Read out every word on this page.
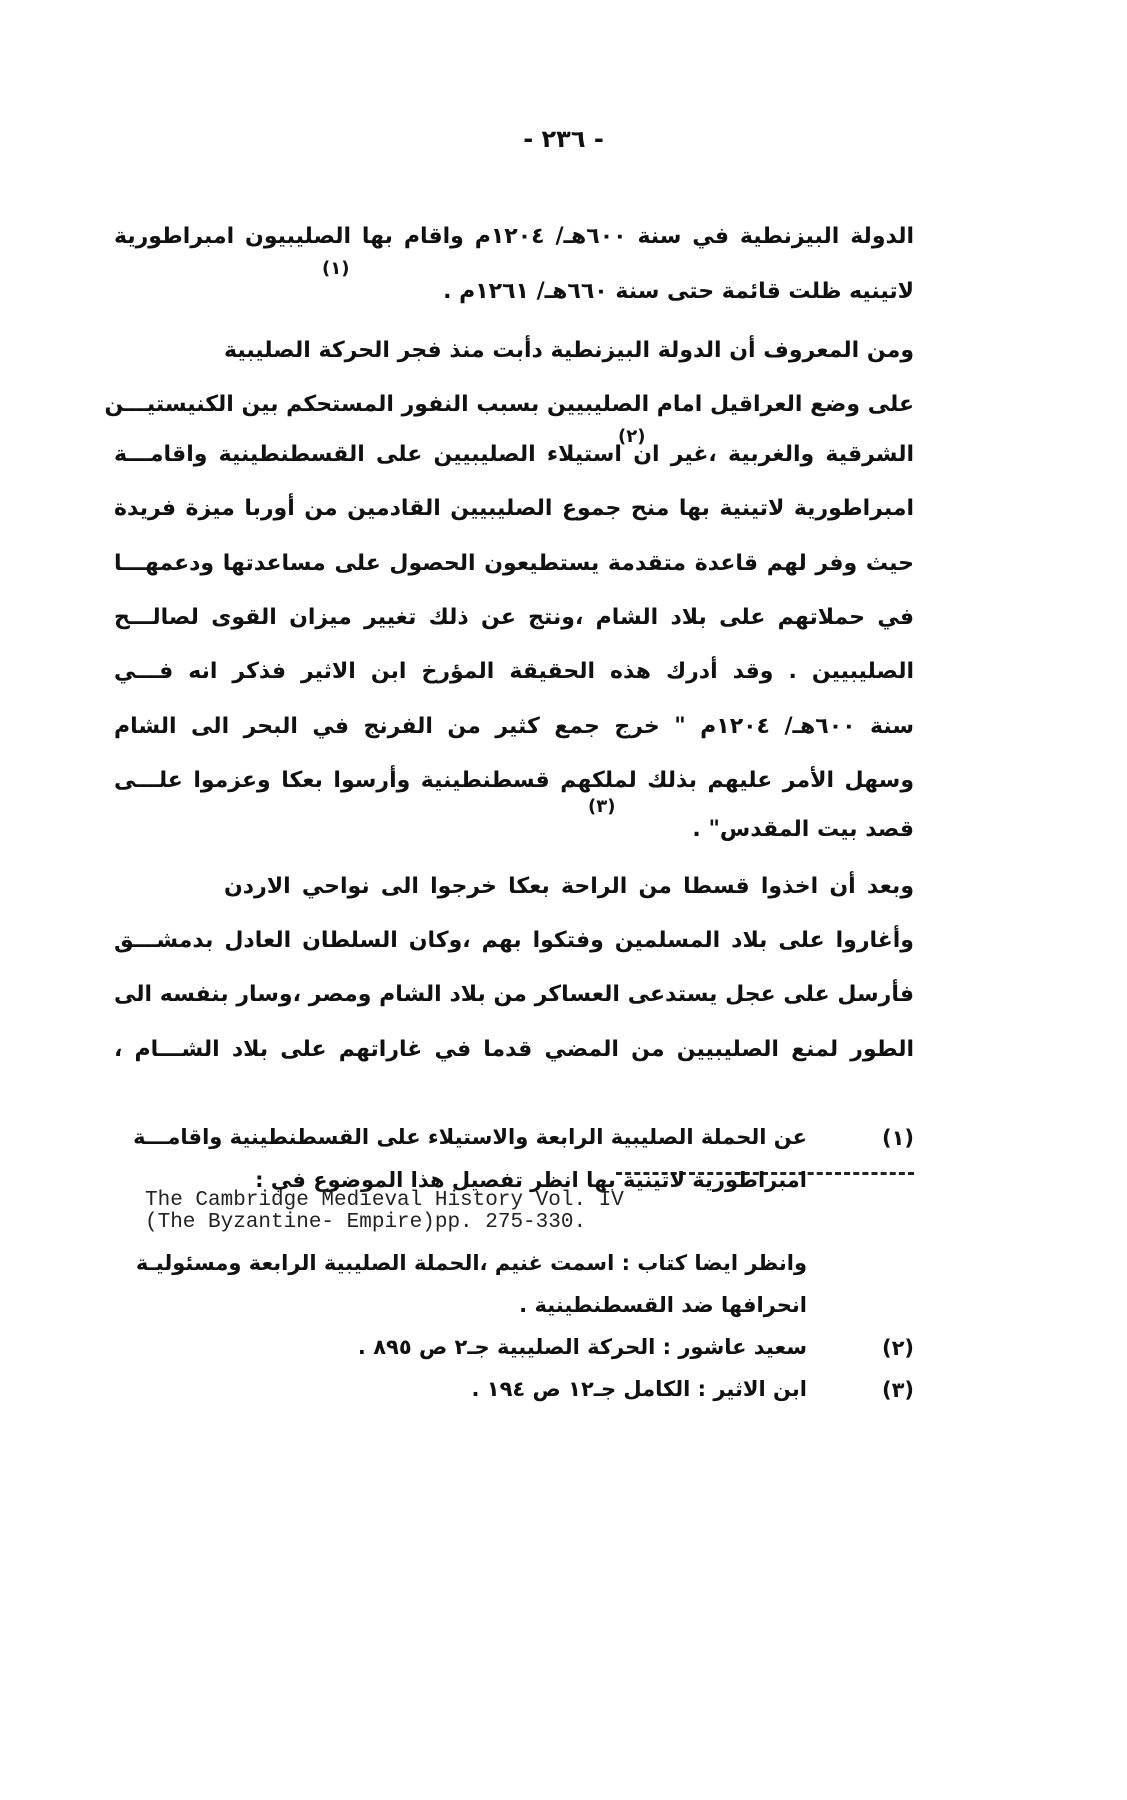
- ٢٣٦ -
الدولة البيزنطية في سنة ٦٠٠هـ/ ١٢٠٤م واقام بها الصليبيون امبراطورية
(١)
لاتينيه ظلت قائمة حتى سنة ٦٦٠هـ/ ١٢٦١م .
ومن المعروف أن الدولة البيزنطية دأبت منذ فجر الحركة الصليبية
على وضع العراقيل امام الصليبيين بسبب النفور المستحكم بين الكنيستيـــن
(٢)
الشرقية والغربية ،غير ان استيلاء الصليبيين على القسطنطينية واقامـــة
امبراطورية لاتينية بها منح جموع الصليبيين القادمين من أوربا ميزة فريدة
حيث وفر لهم قاعدة متقدمة يستطيعون الحصول على مساعدتها ودعمهـــا
في حملاتهم على بلاد الشام ،ونتج عن ذلك تغيير ميزان القوى لصالـــح
الصليبيين . وقد أدرك هذه الحقيقة المؤرخ ابن الاثير فذكر انه فـــي
سنة ٦٠٠هـ/ ١٢٠٤م " خرج جمع كثير من الفرنج في البحر الى الشام
وسهل الأمر عليهم بذلك لملكهم قسطنطينية وأرسوا بعكا وعزموا علـــى
(٣)
قصد بيت المقدس" .
وبعد أن اخذوا قسطا من الراحة بعكا خرجوا الى نواحي الاردن
وأغاروا على بلاد المسلمين وفتكوا بهم ،وكان السلطان العادل بدمشـــق
فأرسل على عجل يستدعى العساكر من بلاد الشام ومصر ،وسار بنفسه الى
الطور لمنع الصليبيين من المضي قدما في غاراتهم على بلاد الشـــام ،
(١)
عن الحملة الصليبية الرابعة والاستيلاء على القسطنطينية واقامـــة
امبراطورية لاتينية بها انظر تفصيل هذا الموضوع في :
The Cambridge Medieval History Vol. IV
(The Byzantine- Empire)pp. 275-330.
وانظر ايضا كتاب : اسمت غنيم ،الحملة الصليبية الرابعة ومسئوليـة
انحرافها ضد القسطنطينية .
(٢)
سعيد عاشور : الحركة الصليبية جـ٢ ص ٨٩٥ .
(٣)
ابن الاثير : الكامل جـ١٢ ص ١٩٤ .
